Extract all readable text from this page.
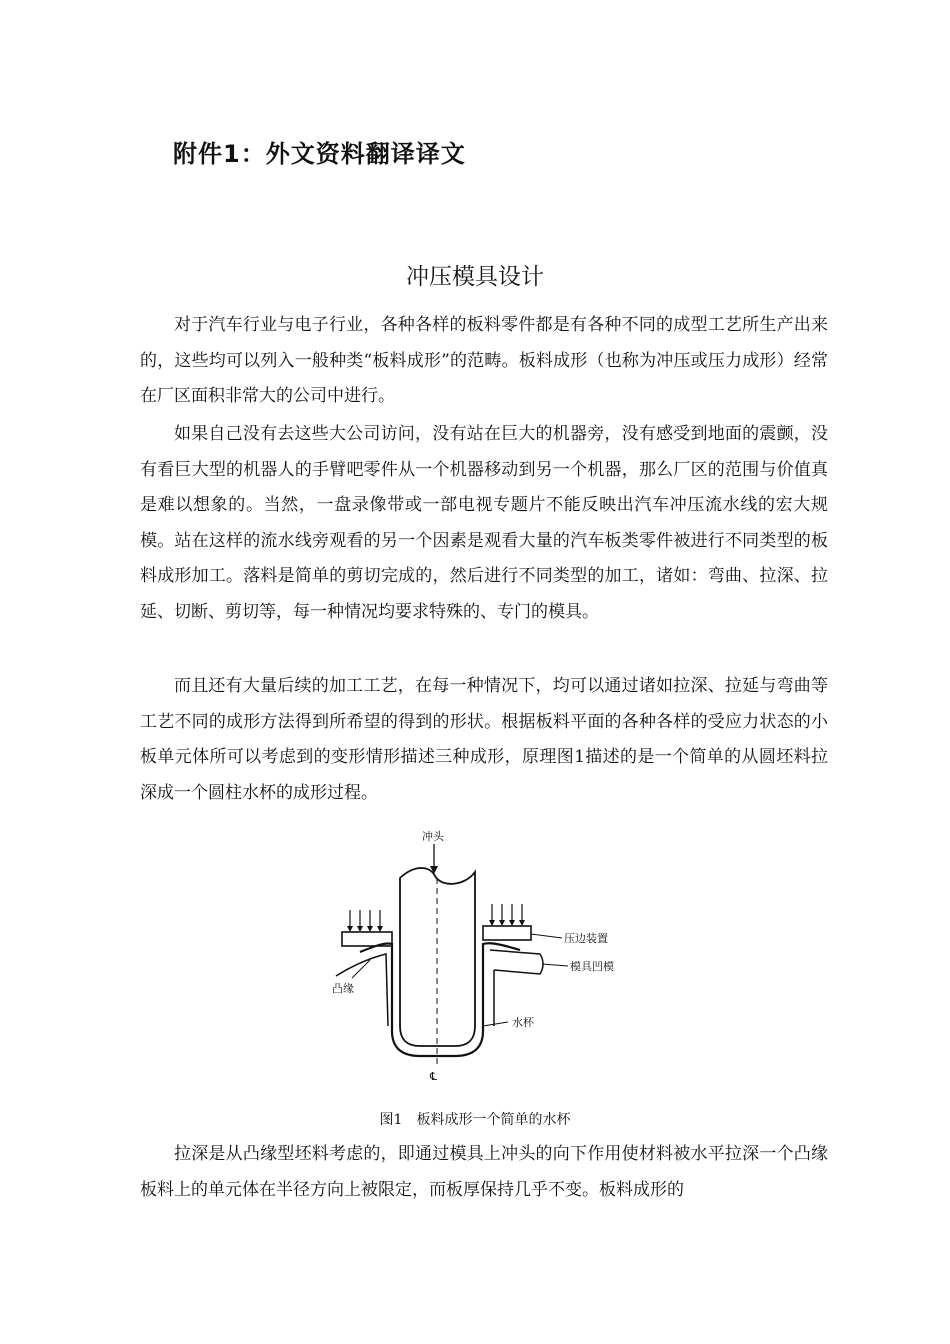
附件1：外文资料翻译译文
冲压模具设计

对于汽车行业与电子行业，各种各样的板料零件都是有各种不同的成型工艺所生产出来的，这些均可以列入一般种类“板料成形”的范畴。板料成形（也称为冲压或压力成形）经常在厂区面积非常大的公司中进行。

如果自己没有去这些大公司访问，没有站在巨大的机器旁，没有感受到地面的震颤，没有看巨大型的机器人的手臂吧零件从一个机器移动到另一个机器，那么厂区的范围与价值真是难以想象的。当然，一盘录像带或一部电视专题片不能反映出汽车冲压流水线的宏大规模。站在这样的流水线旁观看的另一个因素是观看大量的汽车板类零件被进行不同类型的板料成形加工。落料是简单的剪切完成的，然后进行不同类型的加工，诸如：弯曲、拉深、拉延、切断、剪切等，每一种情况均要求特殊的、专门的模具。

而且还有大量后续的加工工艺，在每一种情况下，均可以通过诸如拉深、拉延与弯曲等工艺不同的成形方法得到所希望的得到的形状。根据板料平面的各种各样的受应力状态的小板单元体所可以考虑到的变形情形描述三种成形，原理图1描述的是一个简单的从圆坯料拉深成一个圆柱水杯的成形过程。

冲头
℄
压边装置
模具凹模
凸缘
水杯

图1　板料成形一个简单的水杯

拉深是从凸缘型坯料考虑的，即通过模具上冲头的向下作用使材料被水平拉深一个凸缘板料上的单元体在半径方向上被限定，而板厚保持几乎不变。板料成形的
